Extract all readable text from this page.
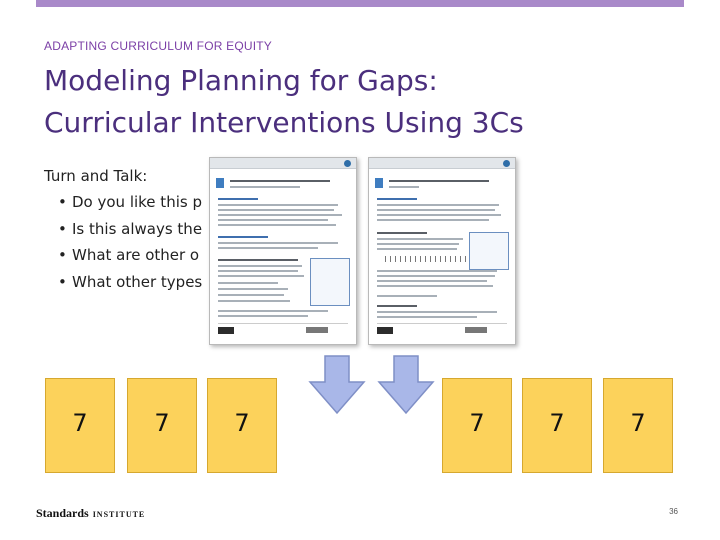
ADAPTING CURRICULUM FOR EQUITY
Modeling Planning for Gaps:
Curricular Interventions Using 3Cs
Turn and Talk:
• Do you like this p
• Is this always the
• What are other o
• What other types
7	7	7	7	7	7
Standards INSTITUTE	36
